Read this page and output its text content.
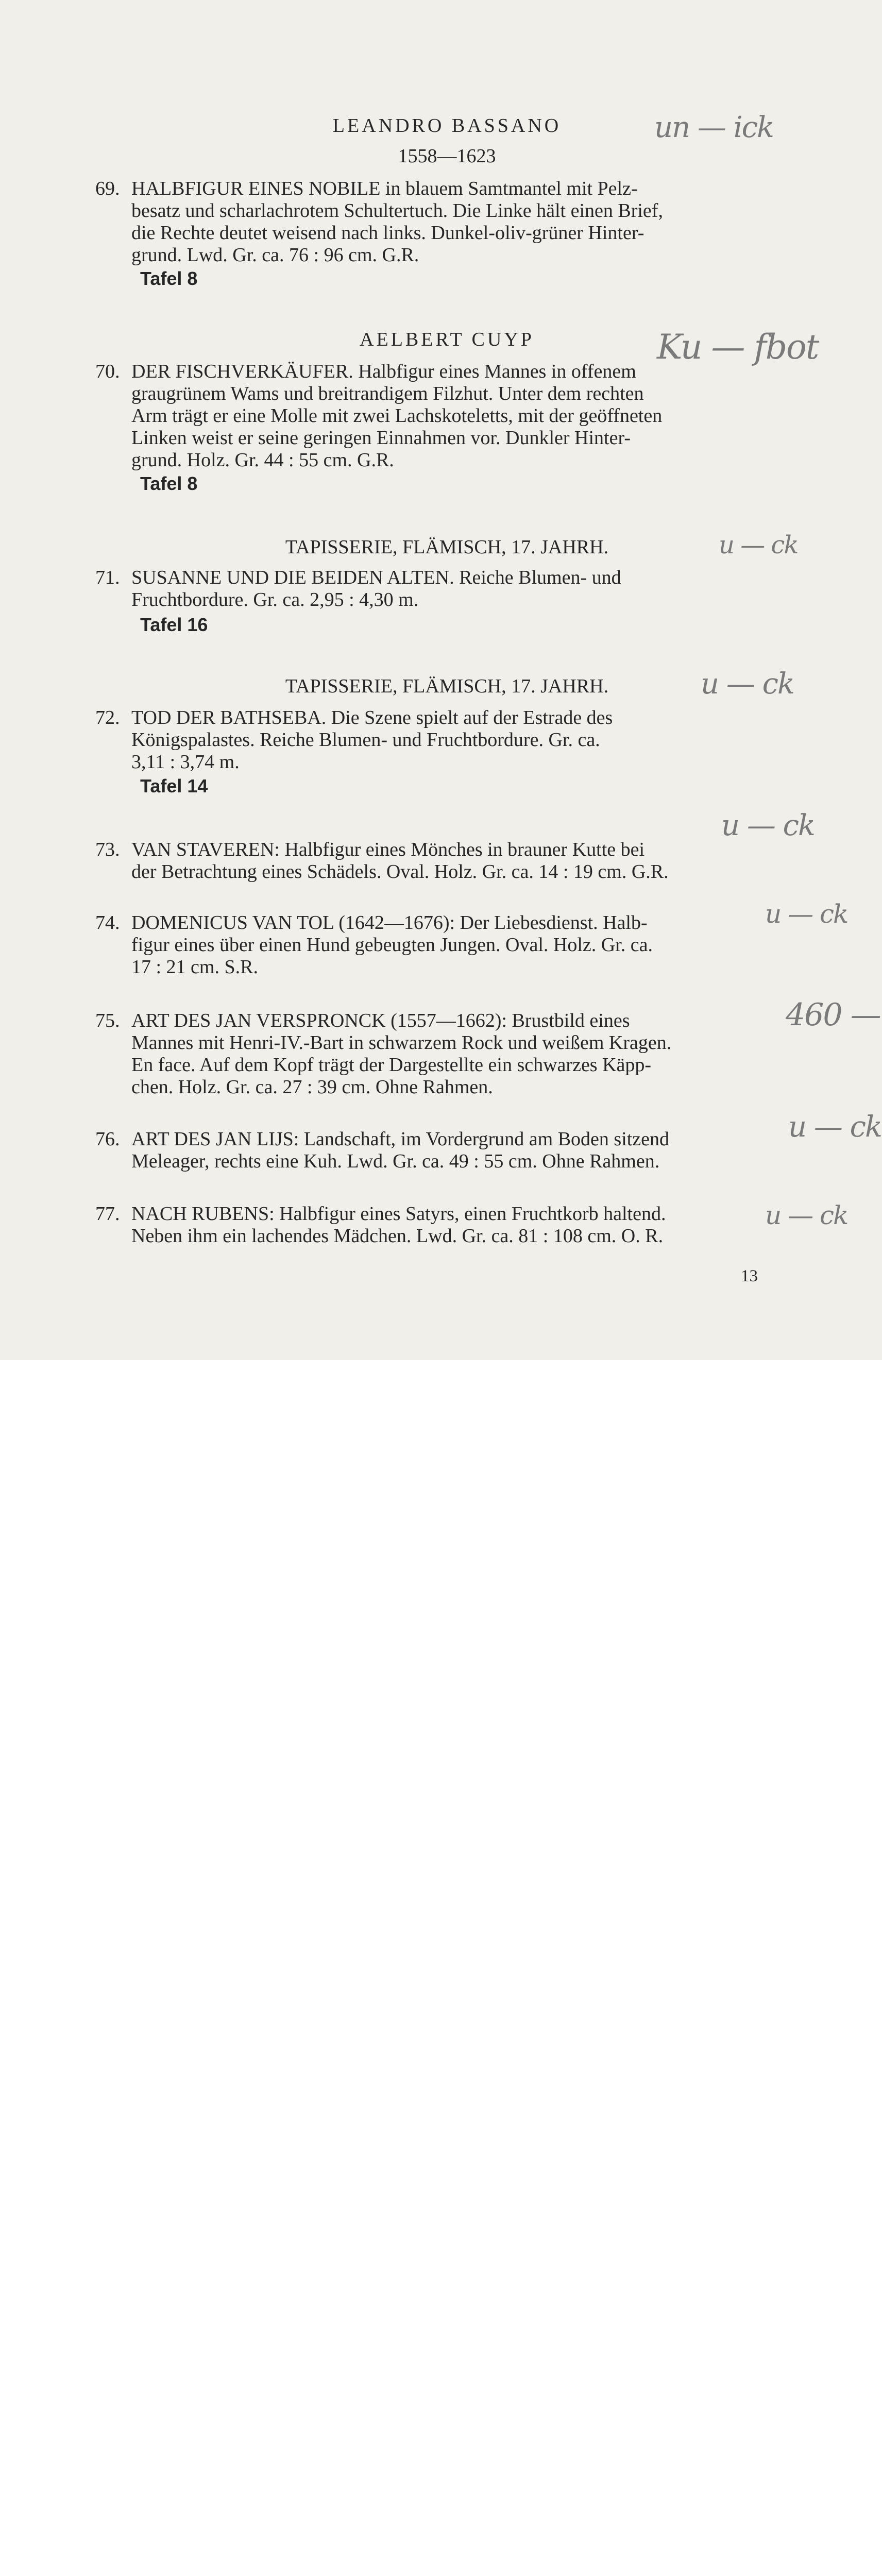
LEANDRO BASSANO
1558—1623
69. HALBFIGUR EINES NOBILE in blauem Samtmantel mit Pelz-
besatz und scharlachrotem Schultertuch. Die Linke hält einen Brief,
die Rechte deutet weisend nach links. Dunkel-oliv-grüner Hinter-
grund. Lwd. Gr. ca. 76 : 96 cm. G.R.
Tafel 8
AELBERT CUYP
70. DER FISCHVERKÄUFER. Halbfigur eines Mannes in offenem
graugrünem Wams und breitrandigem Filzhut. Unter dem rechten
Arm trägt er eine Molle mit zwei Lachskoteletts, mit der geöffneten
Linken weist er seine geringen Einnahmen vor. Dunkler Hinter-
grund. Holz. Gr. 44 : 55 cm. G.R.
Tafel 8
TAPISSERIE, FLÄMISCH, 17. JAHRH.
71. SUSANNE UND DIE BEIDEN ALTEN. Reiche Blumen- und
Fruchtbordure. Gr. ca. 2,95 : 4,30 m.
Tafel 16
TAPISSERIE, FLÄMISCH, 17. JAHRH.
72. TOD DER BATHSEBA. Die Szene spielt auf der Estrade des
Königspalastes. Reiche Blumen- und Fruchtbordure. Gr. ca.
3,11 : 3,74 m.
Tafel 14
73. VAN STAVEREN: Halbfigur eines Mönches in brauner Kutte bei
der Betrachtung eines Schädels. Oval. Holz. Gr. ca. 14 : 19 cm. G.R.
74. DOMENICUS VAN TOL (1642—1676): Der Liebesdienst. Halb-
figur eines über einen Hund gebeugten Jungen. Oval. Holz. Gr. ca.
17 : 21 cm. S.R.
75. ART DES JAN VERSPRONCK (1557—1662): Brustbild eines
Mannes mit Henri-IV.-Bart in schwarzem Rock und weißem Kragen.
En face. Auf dem Kopf trägt der Dargestellte ein schwarzes Käpp-
chen. Holz. Gr. ca. 27 : 39 cm. Ohne Rahmen.
76. ART DES JAN LIJS: Landschaft, im Vordergrund am Boden sitzend
Meleager, rechts eine Kuh. Lwd. Gr. ca. 49 : 55 cm. Ohne Rahmen.
77. NACH RUBENS: Halbfigur eines Satyrs, einen Fruchtkorb haltend.
Neben ihm ein lachendes Mädchen. Lwd. Gr. ca. 81 : 108 cm. O. R.
13
un — ick
Ku — fbot
u — ck
u — ck
u — ck
u — ck
460 —
u — ck
u — ck
